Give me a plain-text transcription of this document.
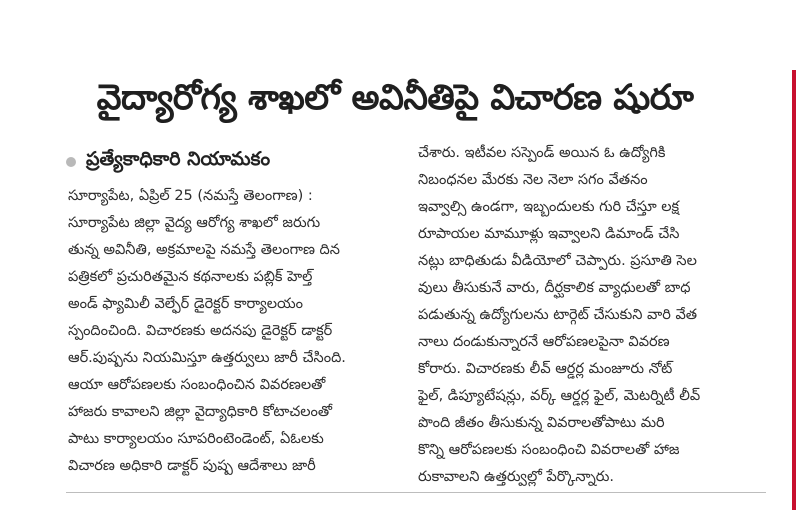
వైద్యారోగ్య శాఖలో అవినీతిపై విచారణ షురూ
ప్రత్యేకాధికారి నియామకం
సూర్యాపేట, ఏప్రిల్ 25 (నమస్తే తెలంగాణ) :
సూర్యాపేట జిల్లా వైద్య ఆరోగ్య శాఖలో జరుగు
తున్న అవినీతి, అక్రమాలపై నమస్తే తెలంగాణ దిన
పత్రికలో ప్రచురితమైన కథనాలకు పబ్లిక్ హెల్త్
అండ్ ఫ్యామిలీ వెల్ఫేర్ డైరెక్టర్ కార్యాలయం
స్పందించింది. విచారణకు అదనపు డైరెక్టర్ డాక్టర్
ఆర్.పుష్పను నియమిస్తూ ఉత్తర్వులు జారీ చేసింది.
ఆయా ఆరోపణలకు సంబంధించిన వివరణలతో
హాజరు కావాలని జిల్లా వైద్యాధికారి కోటాచలంతో
పాటు కార్యాలయం సూపరింటెండెంట్, ఏఓలకు
విచారణ అధికారి డాక్టర్ పుష్ప ఆదేశాలు జారీ
చేశారు. ఇటీవల సస్పెండ్ అయిన ఓ ఉద్యోగికి
నిబంధనల మేరకు నెల నెలా సగం వేతనం
ఇవ్వాల్సి ఉండగా, ఇబ్బందులకు గురి చేస్తూ లక్ష
రూపాయల మామూళ్లు ఇవ్వాలని డిమాండ్ చేసి
నట్లు బాధితుడు వీడియోలో చెప్పారు. ప్రసూతి సెల
వులు తీసుకునే వారు, దీర్ఘకాలిక వ్యాధులతో బాధ
పడుతున్న ఉద్యోగులను టార్గెట్ చేసుకుని వారి వేత
నాలు దండుకున్నారనే ఆరోపణలపైనా వివరణ
కోరారు. విచారణకు లీవ్ ఆర్డర్ల మంజూరు నోట్
ఫైల్, డిప్యూటేషన్లు, వర్క్ ఆర్డర్ల ఫైల్, మెటర్నిటీ లీవ్
పొంది జీతం తీసుకున్న వివరాలతోపాటు మరి
కొన్ని ఆరోపణలకు సంబంధించి వివరాలతో హాజ
రుకావాలని ఉత్తర్వుల్లో పేర్కొన్నారు.
